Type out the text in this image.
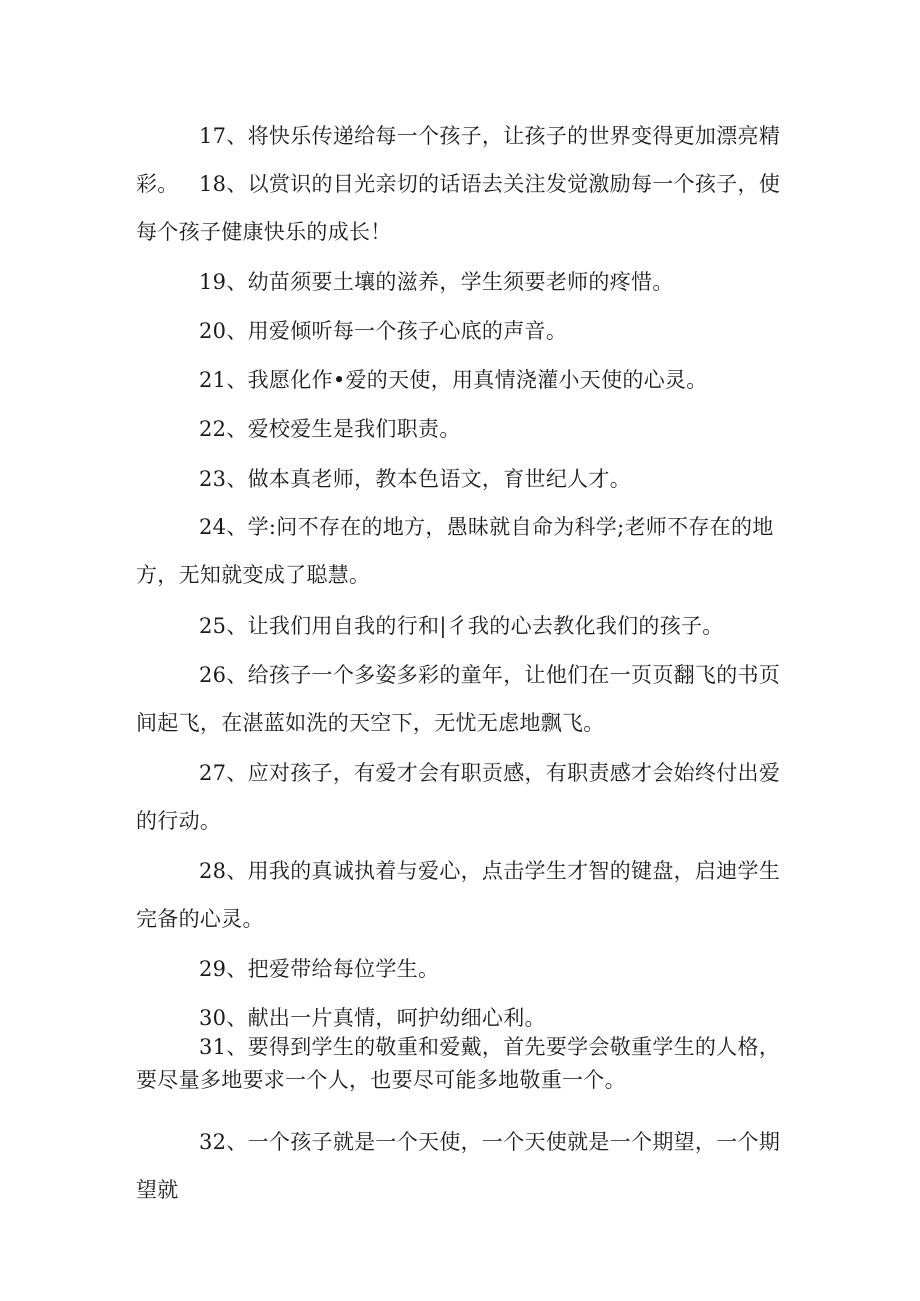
17、将快乐传递给每一个孩子，让孩子的世界变得更加漂亮精彩。 18、以赏识的目光亲切的话语去关注发觉激励每一个孩子，使每个孩子健康快乐的成长！

19、幼苗须要土壤的滋养，学生须要老师的疼惜。

20、用爱倾听每一个孩子心底的声音。

21、我愿化作•爱的天使，用真情浇灌小天使的心灵。

22、爱校爱生是我们职责。

23、做本真老师，教本色语文，育世纪人才。

24、学:问不存在的地方，愚昧就自命为科学;老师不存在的地方，无知就变成了聪慧。

25、让我们用自我的行和|彳我的心去教化我们的孩子。

26、给孩子一个多姿多彩的童年，让他们在一页页翻飞的书页间起飞，在湛蓝如洗的天空下，无忧无虑地飘飞。

27、应对孩子，有爱才会有职贡感，有职责感才会始终付出爱的行动。

28、用我的真诚执着与爱心，点击学生才智的键盘，启迪学生完备的心灵。

29、把爱带给每位学生。

30、献出一片真情，呵护幼细心利。

31、要得到学生的敬重和爱戴，首先要学会敬重学生的人格，
要尽量多地要求一个人，也要尽可能多地敬重一个。

32、一个孩子就是一个天使，一个天使就是一个期望，一个期望就
